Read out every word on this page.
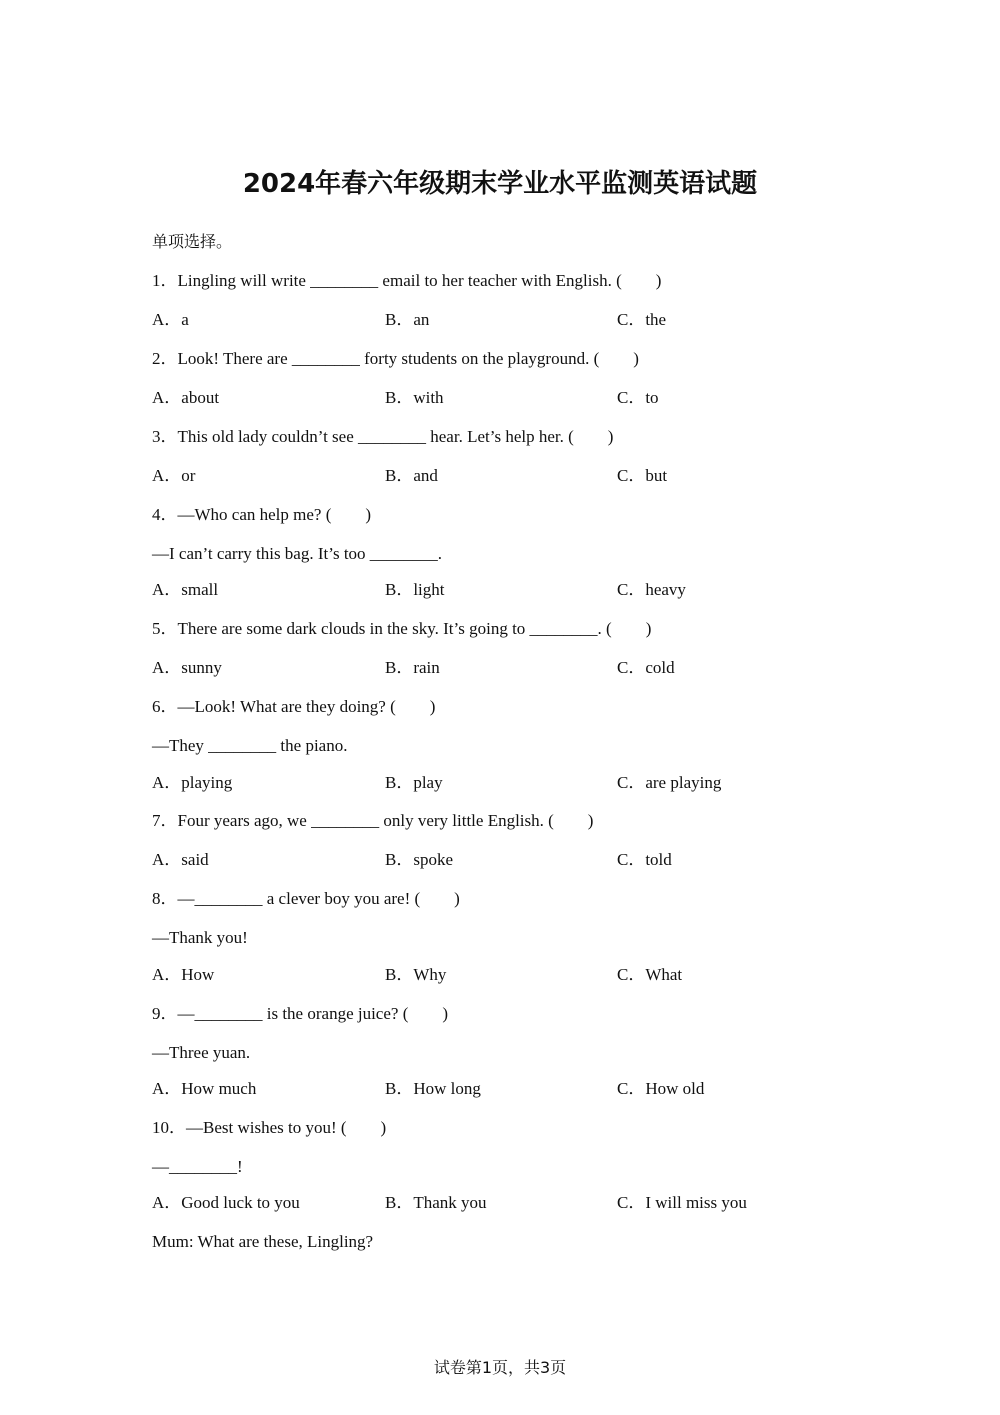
2024年春六年级期末学业水平监测英语试题
单项选择。
1．Lingling will write ________ email to her teacher with English. (　　)
A．a	B．an	C．the
2．Look! There are ________ forty students on the playground. (　　)
A．about	B．with	C．to
3．This old lady couldn’t see ________ hear. Let’s help her. (　　)
A．or	B．and	C．but
4．—Who can help me? (　　)
—I can’t carry this bag. It’s too ________.
A．small	B．light	C．heavy
5．There are some dark clouds in the sky. It’s going to ________. (　　)
A．sunny	B．rain	C．cold
6．—Look! What are they doing? (　　)
—They ________ the piano.
A．playing	B．play	C．are playing
7．Four years ago, we ________ only very little English. (　　)
A．said	B．spoke	C．told
8．—________ a clever boy you are! (　　)
—Thank you!
A．How	B．Why	C．What
9．—________ is the orange juice? (　　)
—Three yuan.
A．How much	B．How long	C．How old
10．—Best wishes to you! (　　)
—________!
A．Good luck to you	B．Thank you	C．I will miss you
Mum: What are these, Lingling?
试卷第1页，共3页
